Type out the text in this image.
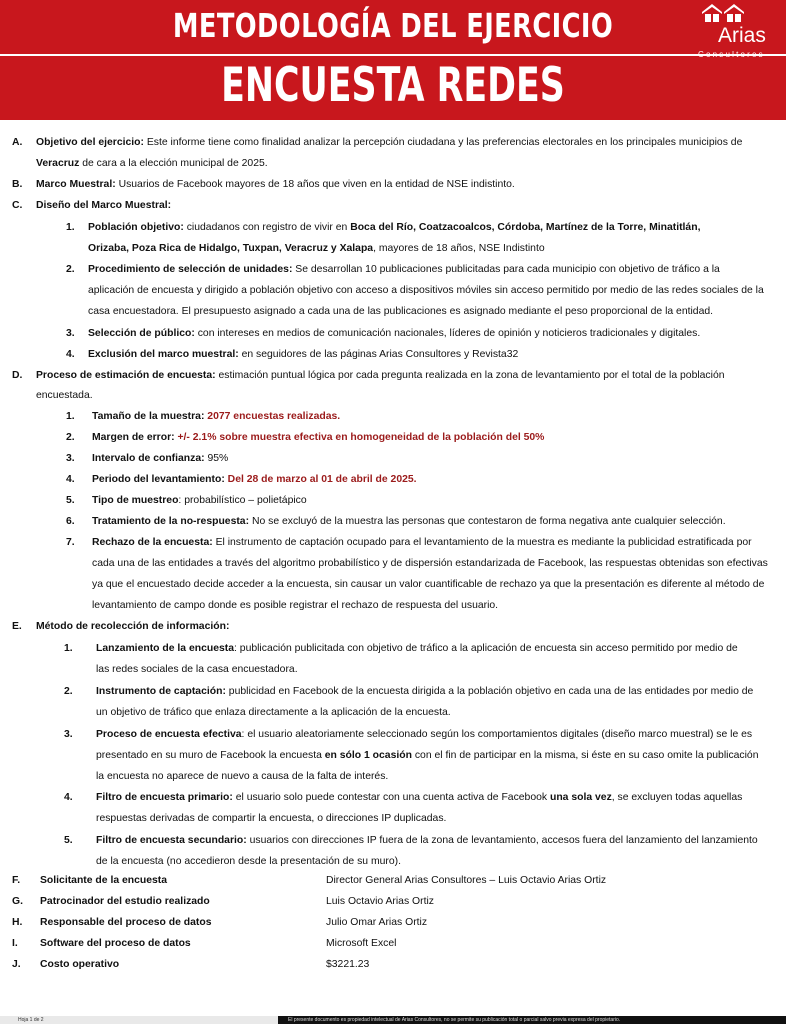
METODOLOGÍA DEL EJERCICIO
ENCUESTA REDES
Arias
Consultores
A. Objetivo del ejercicio: Este informe tiene como finalidad analizar la percepción ciudadana y las preferencias electorales en los principales municipios de
Veracruz de cara a la elección municipal de 2025.
B. Marco Muestral: Usuarios de Facebook mayores de 18 años que viven en la entidad de NSE indistinto.
C. Diseño del Marco Muestral:
1. Población objetivo: ciudadanos con registro de vivir en Boca del Río, Coatzacoalcos, Córdoba, Martínez de la Torre, Minatitlán,
Orizaba, Poza Rica de Hidalgo, Tuxpan, Veracruz y Xalapa, mayores de 18 años, NSE Indistinto
2. Procedimiento de selección de unidades: Se desarrollan 10 publicaciones publicitadas para cada municipio con objetivo de tráfico a la
aplicación de encuesta y dirigido a población objetivo con acceso a dispositivos móviles sin acceso permitido por medio de las redes sociales de la
casa encuestadora. El presupuesto asignado a cada una de las publicaciones es asignado mediante el peso proporcional de la entidad.
3. Selección de público: con intereses en medios de comunicación nacionales, líderes de opinión y noticieros tradicionales y digitales.
4. Exclusión del marco muestral: en seguidores de las páginas Arias Consultores y Revista32
D. Proceso de estimación de encuesta: estimación puntual lógica por cada pregunta realizada en la zona de levantamiento por el total de la población
encuestada.
1. Tamaño de la muestra: 2077 encuestas realizadas.
2. Margen de error: +/- 2.1% sobre muestra efectiva en homogeneidad de la población del 50%
3. Intervalo de confianza: 95%
4. Periodo del levantamiento: Del 28 de marzo al 01 de abril de 2025.
5. Tipo de muestreo: probabilístico – polietápico
6. Tratamiento de la no-respuesta: No se excluyó de la muestra las personas que contestaron de forma negativa ante cualquier selección.
7. Rechazo de la encuesta: El instrumento de captación ocupado para el levantamiento de la muestra es mediante la publicidad estratificada por
cada una de las entidades a través del algoritmo probabilístico y de dispersión estandarizada de Facebook, las respuestas obtenidas son efectivas
ya que el encuestado decide acceder a la encuesta, sin causar un valor cuantificable de rechazo ya que la presentación es diferente al método de
levantamiento de campo donde es posible registrar el rechazo de respuesta del usuario.
E. Método de recolección de información:
1. Lanzamiento de la encuesta: publicación publicitada con objetivo de tráfico a la aplicación de encuesta sin acceso permitido por medio de
las redes sociales de la casa encuestadora.
2. Instrumento de captación: publicidad en Facebook de la encuesta dirigida a la población objetivo en cada una de las entidades por medio de
un objetivo de tráfico que enlaza directamente a la aplicación de la encuesta.
3. Proceso de encuesta efectiva: el usuario aleatoriamente seleccionado según los comportamientos digitales (diseño marco muestral) se le es
presentado en su muro de Facebook la encuesta en sólo 1 ocasión con el fin de participar en la misma, si éste en su caso omite la publicación
la encuesta no aparece de nuevo a causa de la falta de interés.
4. Filtro de encuesta primario: el usuario solo puede contestar con una cuenta activa de Facebook una sola vez, se excluyen todas aquellas
respuestas derivadas de compartir la encuesta, o direcciones IP duplicadas.
5. Filtro de encuesta secundario: usuarios con direcciones IP fuera de la zona de levantamiento, accesos fuera del lanzamiento del lanzamiento
de la encuesta (no accedieron desde la presentación de su muro).
F. Solicitante de la encuesta	Director General Arias Consultores – Luis Octavio Arias Ortiz
G. Patrocinador del estudio realizado	Luis Octavio Arias Ortiz
H. Responsable del proceso de datos	Julio Omar Arias Ortiz
I. Software del proceso de datos	Microsoft Excel
J. Costo operativo	$3221.23
Hoja 1 de 2	El presente documento es propiedad intelectual de Arias Consultores, no se permite su publicación total o parcial salvo previa expresa del propietario.
